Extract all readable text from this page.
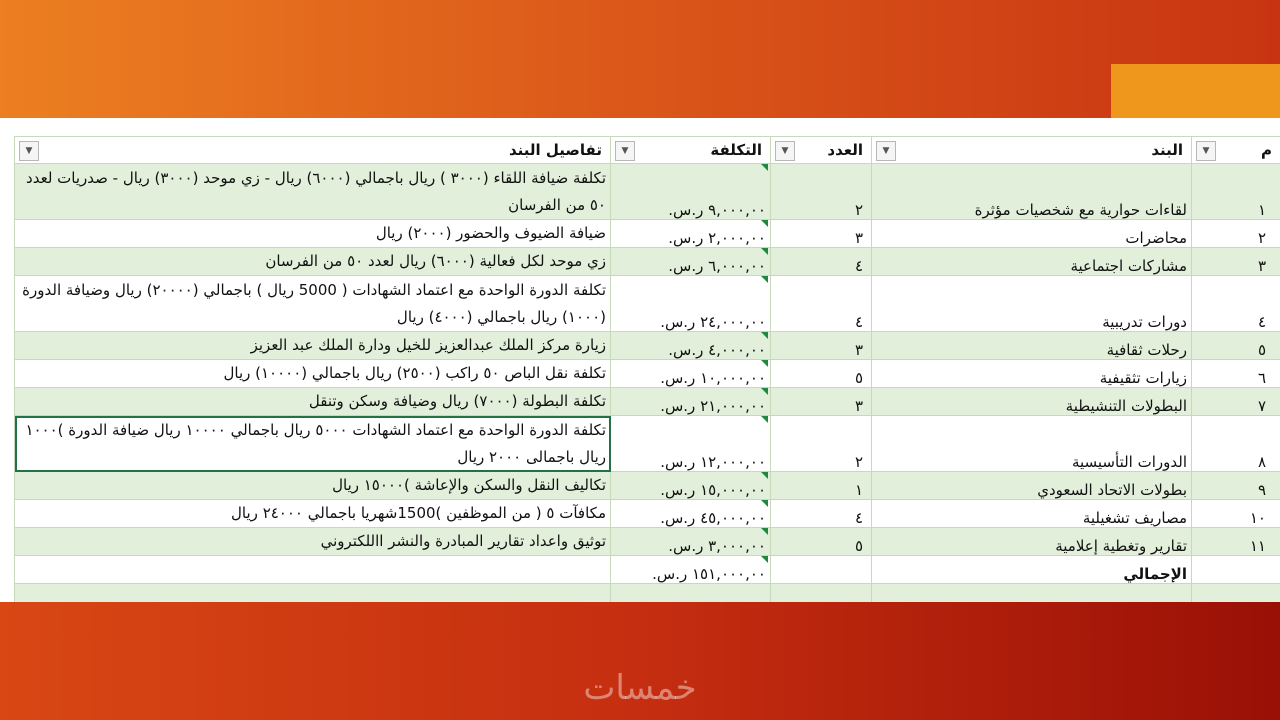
▼ تفاصيل البند	▼ التكلفة	▼ العدد	▼ البند	▼ م

تكلفة ضيافة اللقاء (٣٠٠٠ ) ريال باجمالي (٦٠٠٠) ريال - زي موحد (٣٠٠٠) ريال - صدريات لعدد ٥٠ من الفرسان	٩,٠٠٠,٠٠ ر.س.	٢	لقاءات حوارية مع شخصيات مؤثرة	١
ضيافة الضيوف والحضور (٢٠٠٠) ريال	٢,٠٠٠,٠٠ ر.س.	٣	محاضرات	٢
زي موحد لكل فعالية (٦٠٠٠) ريال لعدد ٥٠ من الفرسان	٦,٠٠٠,٠٠ ر.س.	٤	مشاركات اجتماعية	٣
تكلفة الدورة الواحدة مع اعتماد الشهادات ( 5000 ريال ) باجمالي (٢٠٠٠٠) ريال وضيافة الدورة (١٠٠٠) ريال باجمالي (٤٠٠٠) ريال	٢٤,٠٠٠,٠٠ ر.س.	٤	دورات تدريبية	٤
زيارة مركز الملك عبدالعزيز للخيل ودارة الملك عبد العزيز	٤,٠٠٠,٠٠ ر.س.	٣	رحلات ثقافية	٥
تكلفة نقل الباص ٥٠ راكب (٢٥٠٠) ريال باجمالي (١٠٠٠٠) ريال	١٠,٠٠٠,٠٠ ر.س.	٥	زيارات تثقيفية	٦
تكلفة البطولة (٧٠٠٠) ريال وضيافة وسكن وتنقل	٢١,٠٠٠,٠٠ ر.س.	٣	البطولات التنشيطية	٧
تكلفة الدورة الواحدة مع اعتماد الشهادات ٥٠٠٠ ريال باجمالي ١٠٠٠٠ ريال ضيافة الدورة )١٠٠٠ ريال باجمالى ٢٠٠٠ ريال	١٢,٠٠٠,٠٠ ر.س.	٢	الدورات التأسيسية	٨
تكاليف النقل والسكن والإعاشة )١٥٠٠٠ ريال	١٥,٠٠٠,٠٠ ر.س.	١	بطولات الاتحاد السعودي	٩
مكافآت ٥ ( من الموظفين )1500شهريا باجمالي ٢٤٠٠٠ ريال	٤٥,٠٠٠,٠٠ ر.س.	٤	مصاريف تشغيلية	١٠
توثيق واعداد تقارير المبادرة والنشر االلكتروني	٣,٠٠٠,٠٠ ر.س.	٥	تقارير وتغطية إعلامية	١١
	١٥١,٠٠٠,٠٠ ر.س.		الإجمالي	

خمسات
